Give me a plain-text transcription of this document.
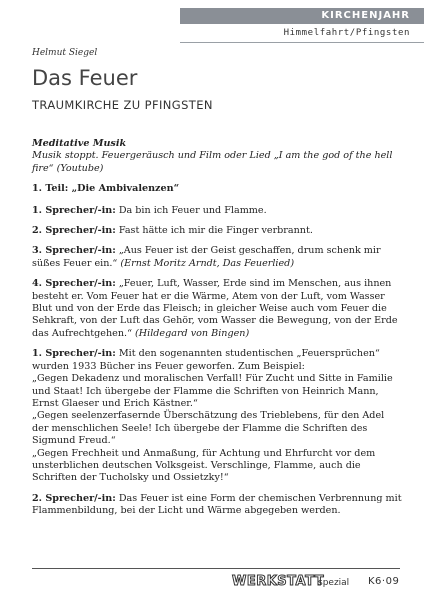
KIRCHENJAHR
Himmelfahrt/Pfingsten
Helmut Siegel
Das Feuer
TRAUMKIRCHE ZU PFINGSTEN

Meditative Musik
Musik stoppt. Feuergeräusch und Film oder Lied „I am the god of the hell fire“ (Youtube)

1. Teil: „Die Ambivalenzen“

1. Sprecher/-in: Da bin ich Feuer und Flamme.

2. Sprecher/-in: Fast hätte ich mir die Finger verbrannt.

3. Sprecher/-in: „Aus Feuer ist der Geist geschaffen, drum schenk mir süßes Feuer ein.“ (Ernst Moritz Arndt, Das Feuerlied)

4. Sprecher/-in: „Feuer, Luft, Wasser, Erde sind im Menschen, aus ihnen besteht er. Vom Feuer hat er die Wärme, Atem von der Luft, vom Wasser Blut und von der Erde das Fleisch; in gleicher Weise auch vom Feuer die Sehkraft, von der Luft das Gehör, vom Wasser die Bewegung, von der Erde das Aufrechtgehen.“ (Hildegard von Bingen)

1. Sprecher/-in: Mit den sogenannten studentischen „Feuersprüchen“ wurden 1933 Bücher ins Feuer geworfen. Zum Beispiel:
„Gegen Dekadenz und moralischen Verfall! Für Zucht und Sitte in Familie und Staat! Ich übergebe der Flamme die Schriften von Heinrich Mann, Ernst Glaeser und Erich Kästner.“
„Gegen seelenzerfasernde Überschätzung des Trieblebens, für den Adel der menschlichen Seele! Ich übergebe der Flamme die Schriften des Sigmund Freud.“
„Gegen Frechheit und Anmaßung, für Achtung und Ehrfurcht vor dem unsterblichen deutschen Volksgeist. Verschlinge, Flamme, auch die Schriften der Tucholsky und Ossietzky!“

2. Sprecher/-in: Das Feuer ist eine Form der chemischen Verbrennung mit Flammenbildung, bei der Licht und Wärme abgegeben werden.

WERKSTATT
spezial K6·09
